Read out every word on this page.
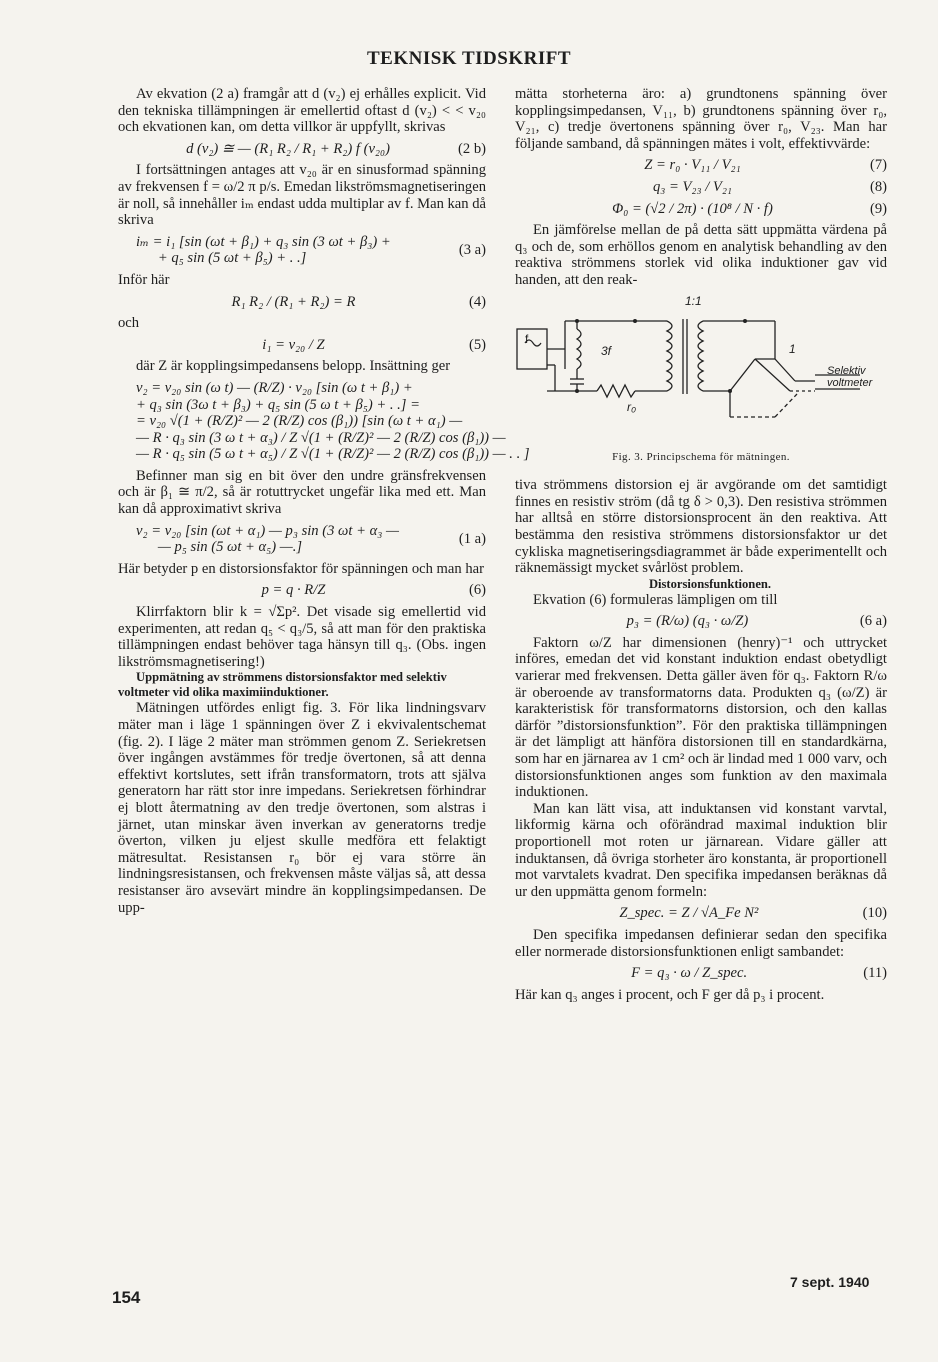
TEKNISK TIDSKRIFT

Av ekvation (2 a) framgår att d (v₂) ej erhålles explicit. Vid den tekniska tillämpningen är emellertid oftast d (v₂) < < v₂₀ och ekvationen kan, om detta villkor är uppfyllt, skrivas

d (v₂) ≅ — (R₁ R₂ / R₁ + R₂) f (v₂₀)	(2 b)

I fortsättningen antages att v₂₀ är en sinusformad spänning av frekvensen f = ω/2 π p/s. Emedan likströmsmagnetiseringen är noll, så innehåller iₘ endast udda multiplar av f. Man kan då skriva

iₘ = i₁ [sin (ωt + β₁) + q₃ sin (3 ωt + β₃) +
+ q₅ sin (5 ωt + β₅) + . .]
(3 a)

Inför här

R₁ R₂ / (R₁ + R₂) = R	(4)

och

i₁ = v₂₀ / Z	(5)

där Z är kopplingsimpedansens belopp. Insättning ger

v₂ = v₂₀ sin (ω t) — (R/Z) · v₂₀ [sin (ω t + β₁) +
+ q₃ sin (3ω t + β₃) + q₅ sin (5 ω t + β₅) + . .] =
= v₂₀ √(1 + (R/Z)² — 2 (R/Z) cos (β₁)) [sin (ω t + α₁) —
— R · q₃ sin (3 ω t + α₃) / Z √(1 + (R/Z)² — 2 (R/Z) cos (β₁)) —
— R · q₅ sin (5 ω t + α₅) / Z √(1 + (R/Z)² — 2 (R/Z) cos (β₁)) — . . ]

Befinner man sig en bit över den undre gränsfrekvensen och är β₁ ≅ π/2, så är rotuttrycket ungefär lika med ett. Man kan då approximativt skriva

v₂ = v₂₀ [sin (ωt + α₁) — p₃ sin (3 ωt + α₃ —
— p₅ sin (5 ωt + α₅) —.]
(1 a)

Här betyder p en distorsionsfaktor för spänningen och man har

p = q · R/Z	(6)

Klirrfaktorn blir k = √Σp². Det visade sig emellertid vid experimenten, att redan q₅ < q₃/5, så att man för den praktiska tillämpningen endast behöver taga hänsyn till q₃. (Obs. ingen likströmsmagnetisering!)

Uppmätning av strömmens distorsionsfaktor med selektiv voltmeter vid olika maximiinduktioner.

Mätningen utfördes enligt fig. 3. För lika lindningsvarv mäter man i läge 1 spänningen över Z i ekvivalentschemat (fig. 2). I läge 2 mäter man strömmen genom Z. Seriekretsen över ingången avstämmes för tredje övertonen, så att denna effektivt kortslutes, sett ifrån transformatorn, trots att själva generatorn har rätt stor inre impedans. Seriekretsen förhindrar ej blott återmatning av den tredje övertonen, som alstras i järnet, utan minskar även inverkan av generatorns tredje överton, vilken ju eljest skulle medföra ett felaktigt mätresultat. Resistansen r₀ bör ej vara större än lindningsresistansen, och frekvensen måste väljas så, att dessa resistanser äro avsevärt mindre än kopplingsimpedansen. De upp-

mätta storheterna äro: a) grundtonens spänning över kopplingsimpedansen, V₁₁, b) grundtonens spänning över r₀, V₂₁, c) tredje övertonens spänning över r₀, V₂₃. Man har följande samband, då spänningen mätes i volt, effektivvärde:

Z = r₀ · V₁₁ / V₂₁	(7)
q₃ = V₂₃ / V₂₁	(8)
Φ₀ = (√2 / 2π) · (10⁸ / N · f)	(9)

En jämförelse mellan de på detta sätt uppmätta värdena på q₃ och de, som erhöllos genom en analytisk behandling av den reaktiva strömmens storlek vid olika induktioner gav vid handen, att den reak-

1:1
f
3f
r₀
1
Selektiv
voltmeter
Fig. 3. Principschema för mätningen.

tiva strömmens distorsion ej är avgörande om det samtidigt finnes en resistiv ström (då tg δ > 0,3). Den resistiva strömmen har alltså en större distorsionsprocent än den reaktiva. Att bestämma den resistiva strömmens distorsionsfaktor ur det cykliska magnetiseringsdiagrammet är både experimentellt och räknemässigt mycket svårlöst problem.

Distorsionsfunktionen.

Ekvation (6) formuleras lämpligen om till

p₃ = (R/ω) (q₃ · ω/Z)	(6 a)

Faktorn ω/Z har dimensionen (henry)⁻¹ och uttrycket införes, emedan det vid konstant induktion endast obetydligt varierar med frekvensen. Detta gäller även för q₃. Faktorn R/ω är oberoende av transformatorns data. Produkten q₃ (ω/Z) är karakteristisk för transformatorns distorsion, och den kallas därför ”distorsionsfunktion”. För den praktiska tillämpningen är det lämpligt att hänföra distorsionen till en standardkärna, som har en järnarea av 1 cm² och är lindad med 1 000 varv, och distorsionsfunktionen anges som funktion av den maximala induktionen.

Man kan lätt visa, att induktansen vid konstant varvtal, likformig kärna och oförändrad maximal induktion blir proportionell mot roten ur järnarean. Vidare gäller att induktansen, då övriga storheter äro konstanta, är proportionell mot varvtalets kvadrat. Den specifika impedansen beräknas då ur den uppmätta genom formeln:

Z_spec. = Z / √A_Fe N²	(10)

Den specifika impedansen definierar sedan den specifika eller normerade distorsionsfunktionen enligt sambandet:

F = q₃ · ω / Z_spec.	(11)

Här kan q₃ anges i procent, och F ger då p₃ i procent.

154
7 sept. 1940
